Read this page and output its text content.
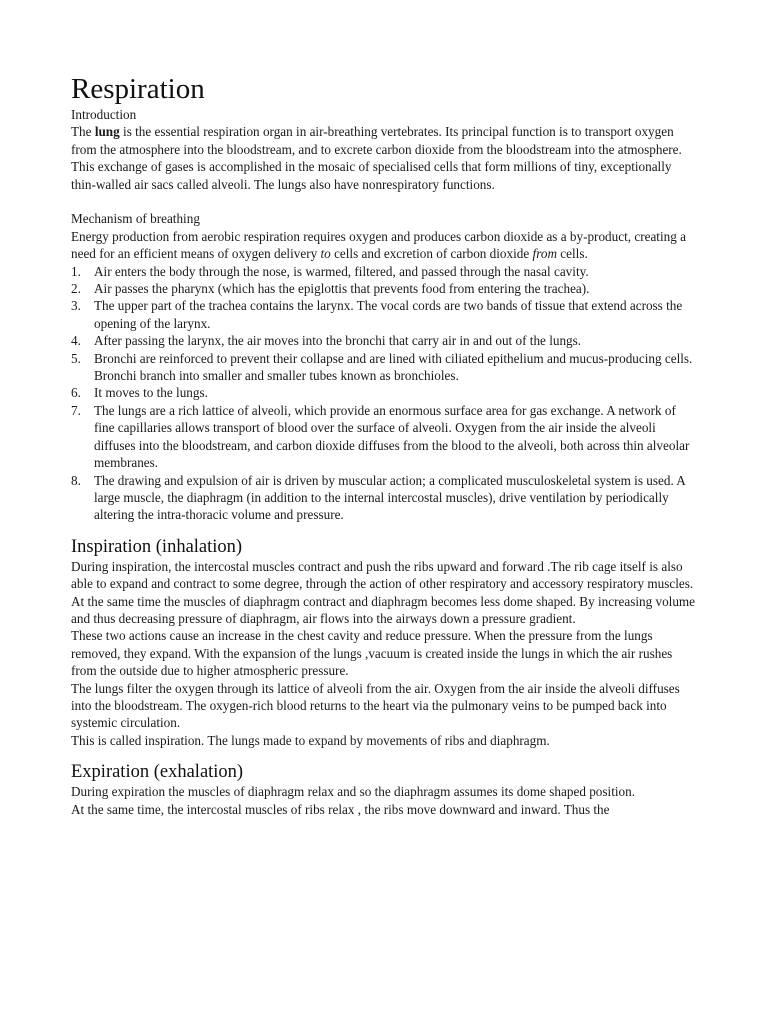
Respiration

Introduction

The lung is the essential respiration organ in air-breathing vertebrates. Its principal function is to transport oxygen from the atmosphere into the bloodstream, and to excrete carbon dioxide from the bloodstream into the atmosphere. This exchange of gases is accomplished in the mosaic of specialised cells that form millions of tiny, exceptionally thin-walled air sacs called alveoli. The lungs also have nonrespiratory functions.

Mechanism of breathing

Energy production from aerobic respiration requires oxygen and produces carbon dioxide as a by-product, creating a need for an efficient means of oxygen delivery to cells and excretion of carbon dioxide from cells.

1. Air enters the body through the nose, is warmed, filtered, and passed through the nasal cavity.
2. Air passes the pharynx (which has the epiglottis that prevents food from entering the trachea).
3. The upper part of the trachea contains the larynx. The vocal cords are two bands of tissue that extend across the opening of the larynx.
4. After passing the larynx, the air moves into the bronchi that carry air in and out of the lungs.
5. Bronchi are reinforced to prevent their collapse and are lined with ciliated epithelium and mucus-producing cells. Bronchi branch into smaller and smaller tubes known as bronchioles.
6. It moves to the lungs.
7. The lungs are a rich lattice of alveoli, which provide an enormous surface area for gas exchange. A network of fine capillaries allows transport of blood over the surface of alveoli. Oxygen from the air inside the alveoli diffuses into the bloodstream, and carbon dioxide diffuses from the blood to the alveoli, both across thin alveolar membranes.
8. The drawing and expulsion of air is driven by muscular action; a complicated musculoskeletal system is used. A large muscle, the diaphragm (in addition to the internal intercostal muscles), drive ventilation by periodically altering the intra-thoracic volume and pressure.
Inspiration (inhalation)

During inspiration, the intercostal muscles contract and push the ribs upward and forward .The rib cage itself is also able to expand and contract to some degree, through the action of other respiratory and accessory respiratory muscles.

At the same time the muscles of diaphragm contract and diaphragm becomes less dome shaped. By increasing volume and thus decreasing pressure of diaphragm, air flows into the airways down a pressure gradient.

These two actions cause an increase in the chest cavity and reduce pressure. When the pressure from the lungs removed, they expand. With the expansion of the lungs ,vacuum is created inside the lungs in which the air rushes from the outside due to higher atmospheric pressure.

The lungs filter the oxygen through its lattice of alveoli from the air. Oxygen from the air inside the alveoli diffuses into the bloodstream. The oxygen-rich blood returns to the heart via the pulmonary veins to be pumped back into systemic circulation.

This is called inspiration. The lungs made to expand by movements of ribs and diaphragm.

Expiration (exhalation)

During expiration the muscles of diaphragm relax and so the diaphragm assumes its dome shaped position.

At the same time, the intercostal muscles of ribs relax , the ribs move downward and inward. Thus the
